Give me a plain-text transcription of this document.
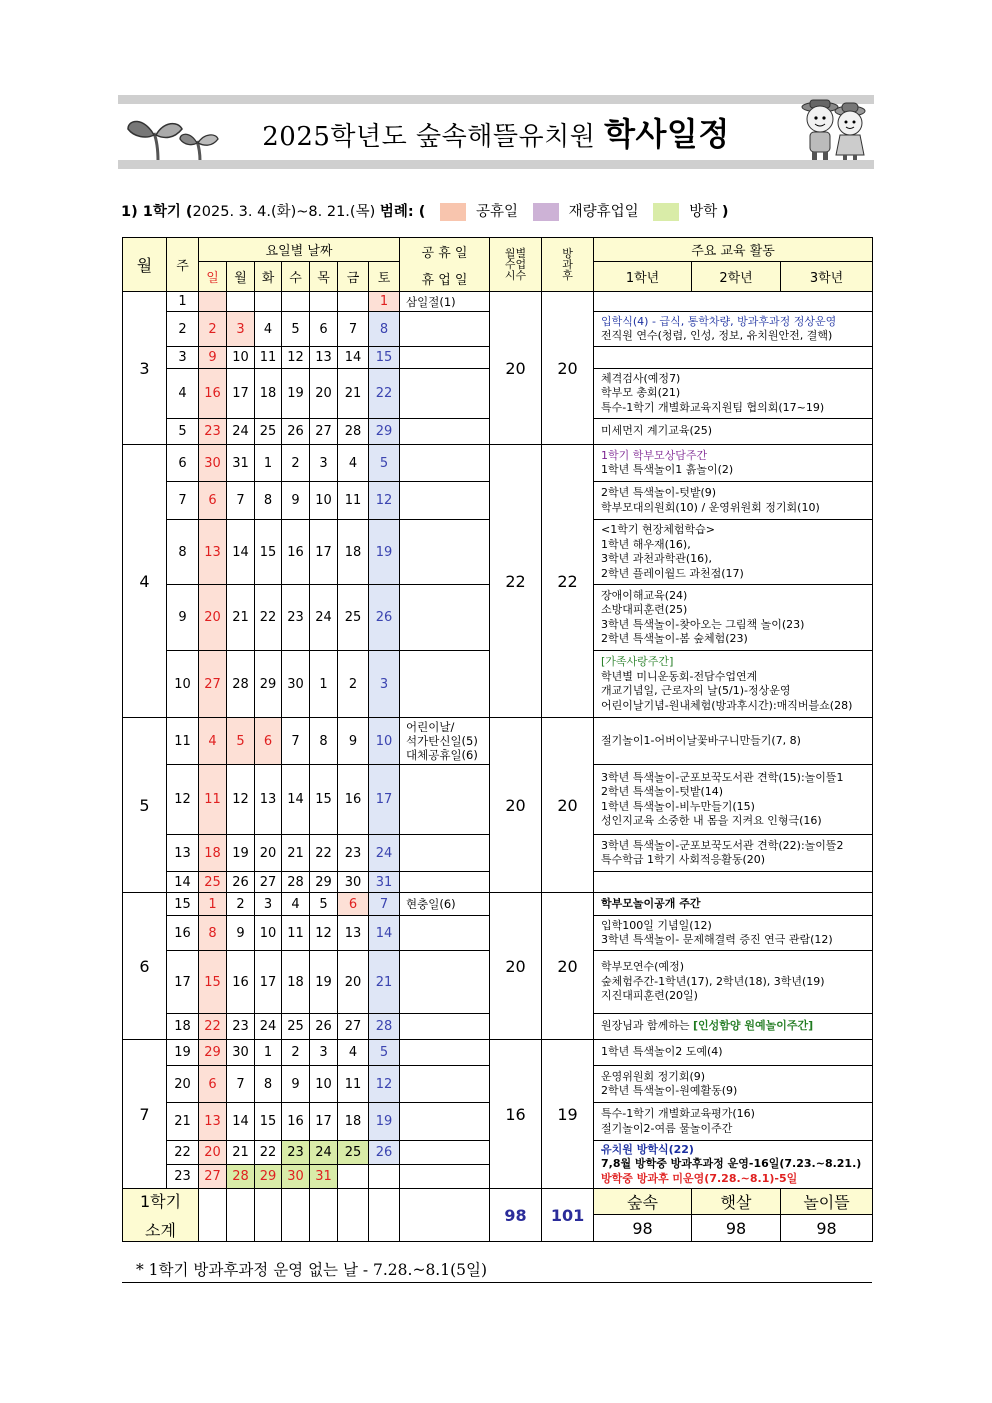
2025학년도 숲속해뜰유치원 학사일정
1) 1학기 (2025. 3. 4.(화)~8. 21.(목) 범례: (	공휴일	재량휴업일	방학 )
월	주	요일별 날짜							공 휴 일
휴 업 일	월별수업시수	방과후	주요 교육 활동		
		일	월	화	수	목	금	토				1학년	2학년	3학년
3	1							1	삼일절(1)	20	20			
	2	2	3	4	5	6	7	8				입학식(4) - 급식, 통학차량, 방과후과정 정상운영
전직원 연수(청렴, 인성, 정보, 유치원안전, 결핵)		

	3	9	10	11	12	13	14	15						
	4	16	17	18	19	20	21	22				체격검사(예정7)
학부모 총회(21)
특수-1학기 개별화교육지원팀 협의회(17~19)		

	5	23	24	25	26	27	28	29				미세먼지 계기교육(25)		

4	6	30	31	1	2	3	4	5		22	22	1학기 학부모상담주간
1학년 특색놀이1 흙놀이(2)		

	7	6	7	8	9	10	11	12				2학년 특색놀이-텃밭(9)
학부모대의원회(10) / 운영위원회 정기회(10)		

	8	13	14	15	16	17	18	19				<1학기 현장체험학습>
1학년 해우재(16),
3학년 과천과학관(16),
2학년 플레이월드 과천점(17)		

	9	20	21	22	23	24	25	26				장애이해교육(24)
소방대피훈련(25)
3학년 특색놀이-찾아오는 그림책 놀이(23)
2학년 특색놀이-봄 숲체험(23)		

	10	27	28	29	30	1	2	3				[가족사랑주간]
학년별 미니운동회-전담수업연계
개교기념일, 근로자의 날(5/1)-정상운영
어린이날기념-원내체험(방과후시간):매직버블쇼(28)		

5	11	4	5	6	7	8	9	10	어린이날/
석가탄신일(5)
대체공휴일(6)	20	20	절기놀이1-어버이날꽃바구니만들기(7, 8)		

	12	11	12	13	14	15	16	17				3학년 특색놀이-군포보꾹도서관 견학(15):놀이뜰1
2학년 특색놀이-텃밭(14)
1학년 특색놀이-비누만들기(15)
성인지교육 소중한 내 몸을 지켜요 인형극(16)		

	13	18	19	20	21	22	23	24				3학년 특색놀이-군포보꾹도서관 견학(22):놀이뜰2
특수학급 1학기 사회적응활동(20)		

	14	25	26	27	28	29	30	31						
6	15	1	2	3	4	5	6	7	현충일(6)	20	20	학부모놀이공개 주간		

	16	8	9	10	11	12	13	14				입학100일 기념일(12)
3학년 특색놀이- 문제해결력 증진 연극 관람(12)		

	17	15	16	17	18	19	20	21				학부모연수(예정)
숲체험주간-1학년(17), 2학년(18), 3학년(19)
지진대피훈련(20일)		

	18	22	23	24	25	26	27	28				원장님과 함께하는 [인성함양 원예놀이주간]		

7	19	29	30	1	2	3	4	5		16	19	1학년 특색놀이2 도예(4)		

	20	6	7	8	9	10	11	12				운영위원회 정기회(9)
2학년 특색놀이-원예활동(9)		

	21	13	14	15	16	17	18	19				특수-1학기 개별화교육평가(16)
절기놀이2-여름 물놀이주간		

	22	20	21	22	23	24	25	26				유치원 방학식(22)
7,8월 방학중 방과후과정 운영-16일(7.23.~8.21.)
방학중 방과후 미운영(7.28.~8.1)-5일		

	23	27	28	29	30	31								

1학기
소계										98	101	숲속	햇살	놀이뜰
												98	98	98
* 1학기 방과후과정 운영 없는 날 - 7.28.~8.1(5일)
